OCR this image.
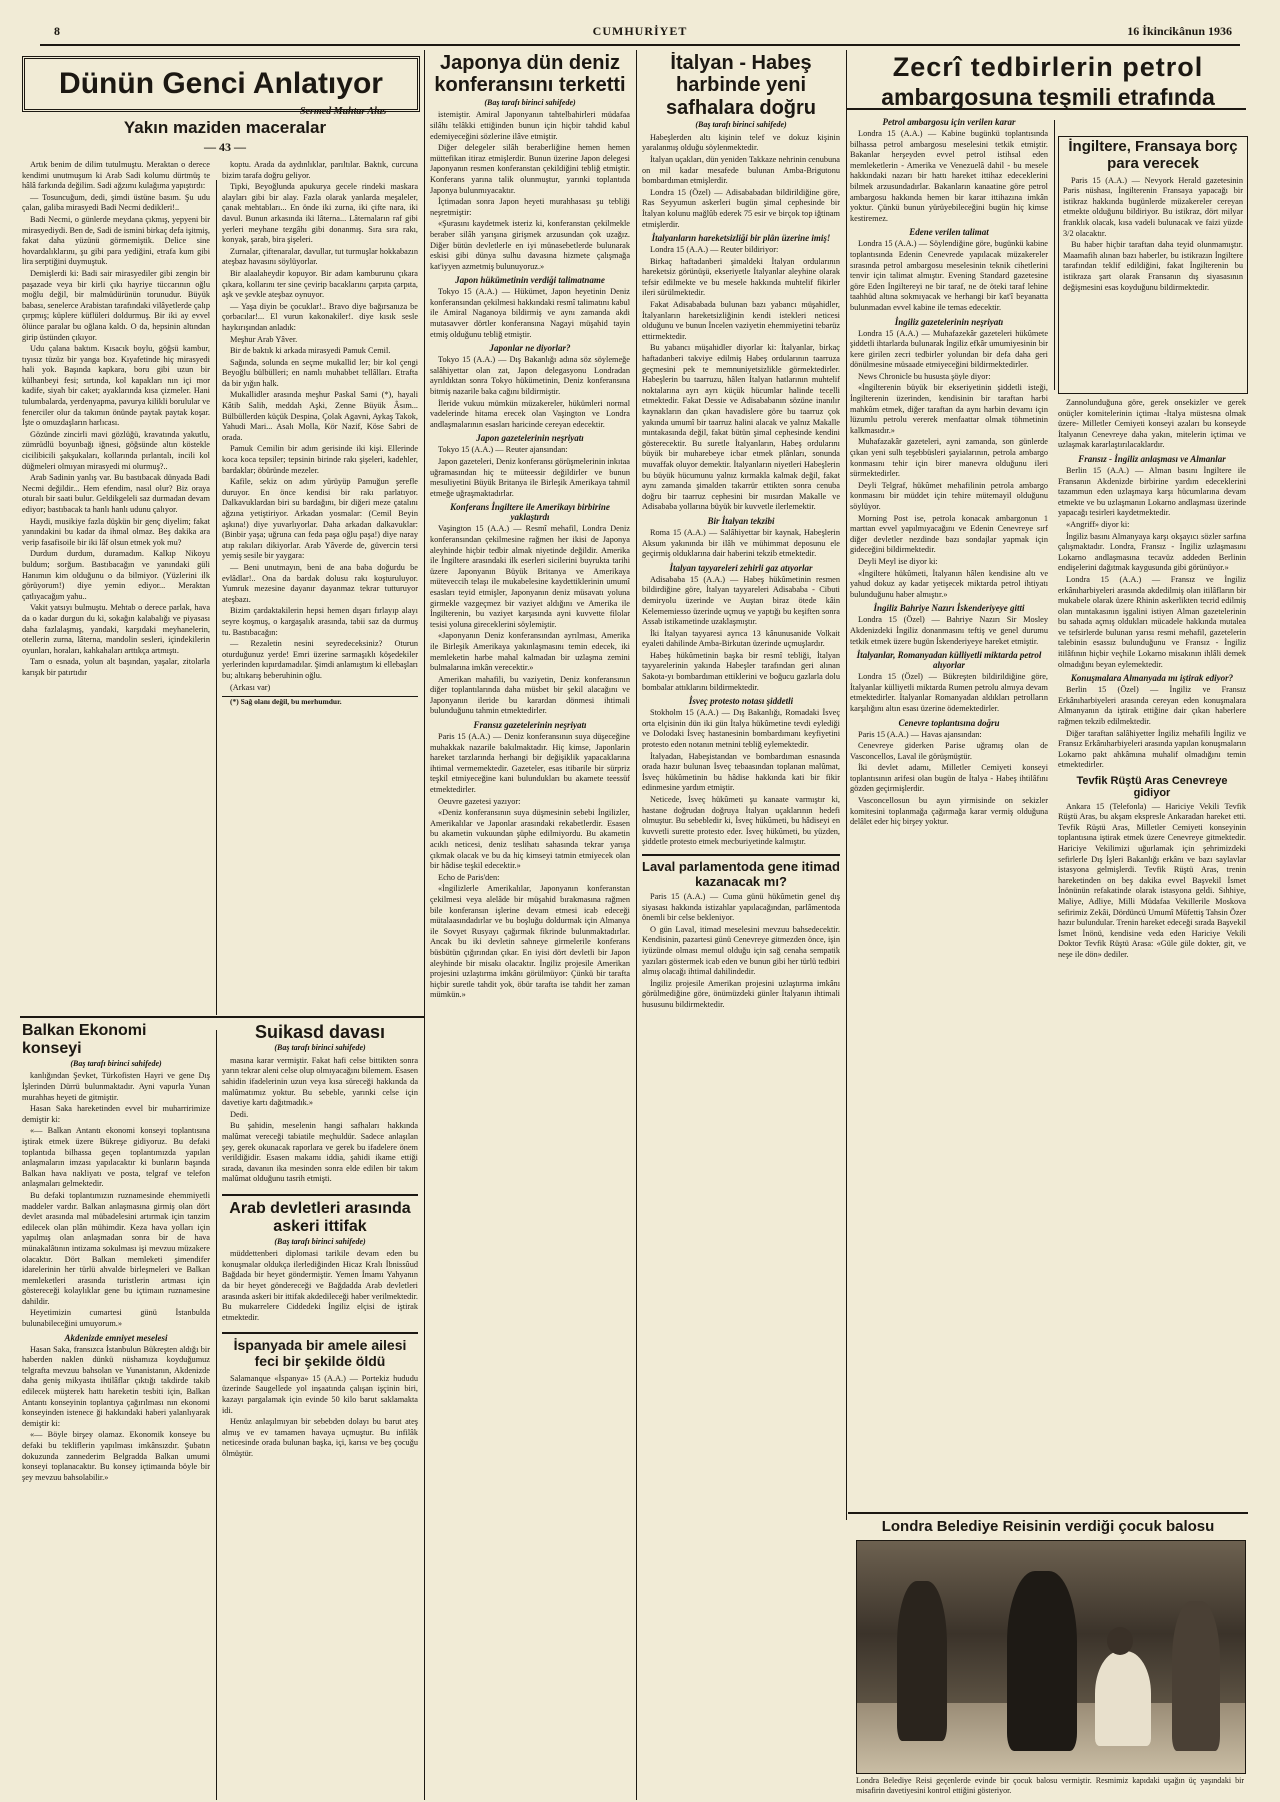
8	CUMHURİYET	16 İkincikânun 1936
Dünün Genci Anlatıyor
Sermed Muhtar Alus
Yakın maziden maceralar
— 43 —

Artık benim de dilim tutulmuştu. Meraktan o derece kendimi unutmuşum ki Arab Sadi kolumu dürtmüş te hâlâ farkında değilim. Sadi ağzımı kulağıma yapıştırdı:

— Tosuncuğum, dedi, şimdi üstüne basım. Şu udu çalan, galiba mirasyedi Badi Necmi dedikleri!..

Badi Necmi, o günlerde meydana çıkmış, yepyeni bir mirasyediydi. Ben de, Sadi de ismini birkaç defa işitmiş, fakat daha yüzünü görmemiştik. Delice sine hovardalıklarını, şu gibi para yediğini, etrafa kum gibi lira serptiğini duymuştuk.

Demişlerdi ki: Badi sair mirasyediler gibi zengin bir paşazade veya bir kirli çıkı hayriye tüccarının oğlu moğlu değil, bir malmüdürünün torunudur. Büyük babası, senelerce Arabistan tarafındaki vilâyetlerde çalıp çırpmış; küplere küflüleri doldurmuş. Bir iki ay evvel ölünce paralar bu oğlana kaldı. O da, hepsinin altından girip üstünden çıkıyor.

Udu çalana baktım. Kısacık boylu, göğsü kambur, tıyısız tüzüz bir yanga boz. Kıyafetinde hiç mirasyedi hali yok. Başında kapkara, boru gibi uzun bir külhanbeyi fesi; sırtında, kol kapakları nın içi mor kadife, siyah bir caket; ayaklarında kısa çizmeler. Hani tulumbalarda, yerdenyapma, pavurya kilikli borulular ve fenerciler olur da takımın önünde paytak paytak koşar. İşte o omuzdaşların harlıcası.

Gözünde zincirli mavi gözlüğü, kravatında yakutlu, zümrüdlü boyunbağı iğnesi, göğsünde altın köstekle cicilibicili şakşukaları, kollarında pırlantalı, incili kol düğmeleri olmıyan mirasyedi mi olurmuş?..

Arab Sadinin yanlış var. Bu bastıbacak dünyada Badi Necmi değildir... Hem efendim, nasıl olur? Biz oraya oturalı bir saati bulur. Geldikgeleli saz durmadan devam ediyor; bastıbacak ta hanlı hanlı udunu çalıyor.

Haydi, musikiye fazla düşkün bir genç diyelim; fakat yanındakini bu kadar da ihmal olmaz. Beş dakika ara verip fasafisoile bir iki lâf olsun etmek yok mu?

Durdum durdum, duramadım. Kalkıp Nikoyu buldum; sorğum. Bastıbacağın ve yanındaki güli Hanımın kim olduğunu o da bilmiyor. (Yüzlerini ilk görüyorum!) diye yemin ediyor... Meraktan çatlıyacağım yahu..

Vakit yatsıyı bulmuştu. Mehtab o derece parlak, hava da o kadar durgun du ki, sokağın kalabalığı ve piyasası daha fazlalaşmış, yandaki, karşıdaki meyhanelerin, otellerin zurna, lâterna, mandolin sesleri, içindekilerin oyunları, horaları, kahkahaları arttıkça artmıştı.

Tam o esnada, yolun alt başından, yaşalar, zitolarla karışık bir patırtıdır

koptu. Arada da aydınlıklar, parıltılar. Baktık, curcuna bizim tarafa doğru geliyor.

Tipki, Beyoğlunda apukurya gecele rindeki maskara alayları gibi bir alay. Fazla olarak yanlarda meşaleler, çanak mehtabları... En önde iki zurna, iki çifte nara, iki davul. Bunun arkasında iki lâterna... Lâternaların raf gibi yerleri meyhane tezgâhı gibi donanmış. Sıra sıra rakı, konyak, şarab, bira şişeleri.

Zurnalar, çiftenaralar, davullar, tut turmuşlar hokkabazın ateşbaz havasını söylüyorlar.

Bir alaalaheydir kopuyor. Bir adam kamburunu çıkara çıkara, kollarını ter sine çevirip bacaklarını çarpıta çarpıta, aşk ve şevkle ateşbaz oynuyor.

— Yaşa diyin be çocuklar!.. Bravo diye bağırsanıza be çorbacılar!... El vurun kakonakiler!. diye kısık sesle haykırışından anladık:

Meşhur Arab Yâver.

Bir de baktık ki arkada mirasyedi Pamuk Cemil.

Sağında, solunda en seçme mukallid ler; bir kol çengi Beyoğlu bülbülleri; en namlı muhabbet tellâlları. Etrafta da bir yığın halk.

Mukallidler arasında meşhur Paskal Sami (*), hayali Kâtib Salih, meddah Aşki, Zenne Büyük Âsım... Bülbüllerden küçük Despina, Çolak Agavni, Aykaş Takok, Yahudi Mari... Asalı Molla, Kör Nazif, Köse Sabri de orada.

Pamuk Cemilin bir adım gerisinde iki kişi. Ellerinde koca koca tepsiler; tepsinin birinde rakı şişeleri, kadehler, bardaklar; öbüründe mezeler.

Kafile, sekiz on adım yürüyüp Pamuğun şerefle duruyor. En önce kendisi bir rakı parlatıyor. Dalkavuklardan biri su bardağını, bir diğeri meze çatalını ağzına yetiştiriyor. Arkadan yosmalar: (Cemil Beyin aşkına!) diye yuvarlıyorlar. Daha arkadan dalkavuklar: (Binbir yaşa; uğruna can feda paşa oğlu paşa!) diye naray atıp rakıları dikiyorlar. Arab Yâverde de, güvercin tersi yemiş sesile bir yaygara:

— Beni unutmayın, beni de ana baba doğurdu be evlâdlar!.. Ona da bardak dolusu rakı koşturuluyor. Yumruk mezesine dayanır dayanmaz tekrar tutturuyor ateşbazı.

Bizim çardaktakilerin hepsi hemen dışarı fırlayıp alayı seyre koşmuş, o kargaşalık arasında, tabii saz da durmuş tu. Bastıbacağın:

— Rezaletin nesini seyredeceksiniz? Oturun oturduğunuz yerde! Emri üzerine sarmaşıklı köşedekiler yerlerinden kıpırdamadılar. Şimdi anlamıştım ki ellebaşları bu; altıkarış beberuhinin oğlu.

(Arkası var)

(*) Sağ olanı değil, bu merhumdur.

Balkan Ekonomi konseyi
(Baş tarafı birinci sahifede)

kanlığından Şevket, Türkofisten Hayri ve gene Dış İşlerinden Dürrü bulunmaktadır. Ayni vapurla Yunan murahhas heyeti de gitmiştir.

Hasan Saka hareketinden evvel bir muharririmize demiştir ki:

«— Balkan Antantı ekonomi konseyi toplantısına iştirak etmek üzere Bükreşe gidiyoruz. Bu defaki toplantıda bilhassa geçen toplantımızda yapılan anlaşmaların imzası yapılacaktır ki bunların başında Balkan hava nakliyatı ve posta, telgraf ve telefon anlaşmaları gelmektedir.

Bu defaki toplantımızın ruznamesinde ehemmiyetli maddeler vardır. Balkan anlaşmasına girmiş olan dört devlet arasında mal mübadelesini artırmak için tanzim edilecek olan plân mühimdir. Keza hava yolları için yapılmış olan anlaşmadan sonra bir de hava münakalâtının intizama sokulması işi mevzuu müzakere olacaktır. Dört Balkan memleketi şimendifer idarelerinin her türlü ahvalde birleşmeleri ve Balkan memleketleri arasında turistlerin artması için göstereceği kolaylıklar gene bu içtimaın ruznamesine dahildir.

Heyetimizin cumartesi günü İstanbulda bulunabileceğini umuyorum.»

Akdenizde emniyet meselesi

Hasan Saka, fransızca İstanbulun Bükreşten aldığı bir haberden naklen dünkü nüshamıza koyduğumuz telgrafta mevzuu bahsolan ve Yunanistanın, Akdenizde daha geniş mikyasta ihtilâflar çıktığı takdirde takib edilecek müşterek hattı hareketin tesbiti için, Balkan Antantı konseyinin toplantıya çağırılması nın ekonomi konseyinden istenece ği hakkındaki haberi yalanlıyarak demiştir ki:

«— Böyle birşey olamaz. Ekonomik konseye bu defaki bu tekliflerin yapılması imkânsızdır. Şubatın dokuzunda zannederim Belgradda Balkan umumi konseyi toplanacaktır. Bu konsey içtimaında böyle bir şey mevzuu bahsolabilir.»

Suikasd davası
(Baş tarafı birinci sahifede)

masına karar vermiştir. Fakat hafi celse bittikten sonra yarın tekrar aleni celse olup olmıyacağını bilemem. Esasen sahidin ifadelerinin uzun veya kısa süreceği hakkında da malûmatımız yoktur. Bu sebeble, yarınki celse için davetiye kartı dağıtmadık.»

Dedi.

Bu şahidin, meselenin hangi safhaları hakkında malûmat vereceği tabiatile meçhuldür. Sadece anlaşılan şey, gerek okunacak raporlara ve gerek bu ifadelere önem verildiğidir. Esasen makamı iddia, şahidi ikame ettiği sırada, davanın ika mesinden sonra elde edilen bir takım malûmat olduğunu tasrih etmişti.

Arab devletleri arasında askeri ittifak
(Baş tarafı birinci sahifede)

müddettenberi diplomasi tarikile devam eden bu konuşmalar oldukça ilerlediğinden Hicaz Kralı İbnissûud Bağdada bir heyet göndermiştir. Yemen İmamı Yahyanın da bir heyet göndereceği ve Bağdadda Arab devletleri arasında askeri bir ittifak akdedileceği haber verilmektedir. Bu mukarrelere Ciddedeki İngiliz elçisi de iştirak etmektedir.

İspanyada bir amele ailesi feci bir şekilde öldü

Salamanque «İspanya» 15 (A.A.) — Portekiz hududu üzerinde Saugellede yol inşaatında çalışan işçinin biri, kazayı pargalamak için evinde 50 kilo barut saklamakta idi.

Henüz anlaşılmıyan bir sebebden dolayı bu barut ateş almış ve ev tamamen havaya uçmuştur. Bu infilâk neticesinde orada bulunan başka, içi, karısı ve beş çocuğu ölmüştür.

Japonya dün deniz konferansını terketti
(Baş tarafı birinci sahifede)

istemiştir. Amiral Japonyanın tahtelbahirleri müdafaa silâhı telâkki ettiğinden bunun için hiçbir tahdid kabul edemiyeceğini sözlerine ilâve etmiştir.

Diğer delegeler silâh beraberliğine hemen hemen müttefikan itiraz etmişlerdir. Bunun üzerine Japon delegesi Japonyanın resmen konferanstan çekildiğini tebliğ etmiştir. Konferans yarına talik olunmuştur, yarınki toplantıda Japonya bulunmıyacaktır.

İçtimadan sonra Japon heyeti murahhasası şu tebliği neşretmiştir:

«Şurasını kaydetmek isteriz ki, konferanstan çekilmekle beraber silâh yarışına girişmek arzusundan çok uzağız. Diğer bütün devletlerle en iyi münasebetlerde bulunarak eskisi gibi dünya sulhu davasına hizmete çalışmağa kat'iyyen azmetmiş bulunuyoruz.»

Japon hükümetinin verdiği talimatname

Tokyo 15 (A.A.) — Hükümet, Japon heyetinin Deniz konferansından çekilmesi hakkındaki resmî talimatını kabul ile Amiral Naganoya bildirmiş ve aynı zamanda akdi mutasavver dörtler konferansına Nagayi müşahid tayin etmiş olduğunu tebliğ etmiştir.

Japonlar ne diyorlar?

Tokyo 15 (A.A.) — Dış Bakanlığı adına söz söylemeğe salâhiyettar olan zat, Japon delegasyonu Londradan ayrıldıktan sonra Tokyo hükümetinin, Deniz konferansına bitmiş nazarile baka cağını bildirmiştir.

İleride vukuu mümkün müzakereler, hükümleri normal vadelerinde hitama erecek olan Vaşington ve Londra andlaşmalarının esasları haricinde cereyan edecektir.

Japon gazetelerinin neşriyatı

Tokyo 15 (A.A.) — Reuter ajansından:

Japon gazeteleri, Deniz konferansı görüşmelerinin inkıtaa uğramasından hiç te müteessir değildirler ve bunun mesuliyetini Büyük Britanya ile Birleşik Amerikaya tahmil etmeğe uğraşmaktadırlar.

Konferans İngiltere ile Amerikayı birbirine yaklaştırdı

Vaşington 15 (A.A.) — Resmî mehafil, Londra Deniz konferansından çekilmesine rağmen her ikisi de Japonya aleyhinde hiçbir tedbir almak niyetinde değildir. Amerika ile İngiltere arasındaki ilk eserleri sicilerini buyrukta tarihi üzere Japonyanın Büyük Britanya ve Amerikaya müteveccih telaşı ile mukabelesine kaydettiklerinin umumî esasları teyid etmişler, Japonyanın deniz müsavatı yoluna girmekle vazgeçmez bir vaziyet aldığını ve Amerika ile İngilterenin, bu vaziyet karşısında ayni kuvvette filolar tesisi yoluna gireceklerini söylemiştir.

«Japonyanın Deniz konferansından ayrılması, Amerika ile Birleşik Amerikaya yakınlaşmasını temin edecek, iki memleketin harbe mahal kalmadan bir uzlaşma zemini bulmalarına imkân verecektir.»

Amerikan mahafili, bu vaziyetin, Deniz konferansının diğer toplantılarında daha müsbet bir şekil alacağını ve Japonyanın ileride bu karardan dönmesi ihtimali bulunduğunu tahmin etmektedirler.

Fransız gazetelerinin neşriyatı

Paris 15 (A.A.) — Deniz konferansının suya düşeceğine muhakkak nazarile bakılmaktadır. Hiç kimse, Japonlarin hareket tarzlarında herhangi bir değişiklik yapacaklarına ihtimal vermemektedir. Gazeteler, esas itibarile bir sürpriz teşkil etmiyeceğine kani bulundukları bu akamete teessüf etmektedirler.

Oeuvre gazetesi yazıyor:

«Deniz konferansının suya düşmesinin sebebi İngilizler, Amerikalılar ve Japonlar arasındaki rekabetlerdir. Esasen bu akametin vukuundan şüphe edilmiyordu. Bu akametin acıklı neticesi, deniz teslihatı sahasında tekrar yarışa çıkmak olacak ve bu da hiç kimseyi tatmin etmiyecek olan bir hâdise teşkil edecektir.»

Echo de Paris'den:

«İngilizlerle Amerikalılar, Japonyanın konferanstan çekilmesi veya alelâde bir müşahid bırakmasına rağmen bile konferansın işlerine devam etmesi icab edeceği mütalaasındadırlar ve bu boşluğu doldurmak için Almanya ile Sovyet Rusyayı çağırmak fikrinde bulunmaktadırlar. Ancak bu iki devletin sahneye girmelerile konferans büsbütün çığırından çıkar. En iyisi dört devletli bir Japon aleyhinde bir misakı olacaktır. İngiliz projesile Amerikan projesini uzlaştırma imkânı görülmüyor: Çünkü bir tarafta hiçbir suretle tahdit yok, öbür tarafta ise tahdit her zaman mümkün.»

İtalyan - Habeş harbinde yeni safhalara doğru
(Baş tarafı birinci sahifede)

Habeşlerden altı kişinin telef ve dokuz kişinin yaralanmış olduğu söylenmektedir.

İtalyan uçakları, dün yeniden Takkaze nehrinin cenubuna on mil kadar mesafede bulunan Amba-Brigutonu bombardıman etmişlerdir.

Londra 15 (Özel) — Adisababadan bildirildiğine göre, Ras Seyyumun askerleri bugün şimal cephesinde bir İtalyan kolunu mağlûb ederek 75 esir ve birçok top iğtinam etmişlerdir.

İtalyanların hareketsizliği bir plân üzerine imiş!

Londra 15 (A.A.) — Reuter bildiriyor:

Birkaç haftadanberi şimaldeki İtalyan ordularının hareketsiz görünüşü, ekseriyetle İtalyanlar aleyhine olarak tefsir edilmekte ve bu mesele hakkında muhtelif fikirler ileri sürülmektedir.

Fakat Adisababada bulunan bazı yabancı müşahidler, İtalyanların hareketsizliğinin kendi istekleri neticesi olduğunu ve bunun İncelen vaziyetin ehemmiyetini tebarüz ettirmektedir.

Bu yabancı müşahidler diyorlar ki: İtalyanlar, birkaç haftadanberi takviye edilmiş Habeş ordularının taarruza geçmesini pek te memnuniyetsizlikle görmektedirler. Habeşlerin bu taarruzu, hâlen İtalyan hatlarının muhtelif noktalarına ayrı ayrı küçük hücumlar halinde tecelli etmektedir. Fakat Dessie ve Adisababanın sözüne inanılır kaynakların dan çıkan havadislere göre bu taarruz çok yakında umumî bir taarruz halini alacak ve yalnız Makalle mıntakasında değil, fakat bütün şimal cephesinde kendini gösterecektir. Bu suretle İtalyanların, Habeş ordularını büyük bir muharebeye icbar etmek plânları, sonunda muvaffak oluyor demektir. İtalyanların niyetleri Habeşlerin bu büyük hücumunu yalnız kırmakla kalmak değil, fakat aynı zamanda şimalden takarrür ettikten sonra cenuba doğru bir taarruz cephesini bir mısırdan Makalle ve Adisababa yollarına büyük bir kuvvetle ilerlemektir.

Bir İtalyan tekzibi

Roma 15 (A.A.) — Salâhiyettar bir kaynak, Habeşlerin Aksum yakınında bir ilâh ve mühimmat deposunu ele geçirmiş olduklarına dair haberini tekzib etmektedir.

İtalyan tayyareleri zehirli gaz atıyorlar

Adisababa 15 (A.A.) — Habeş hükûmetinin resmen bildirdiğine göre, İtalyan tayyareleri Adisababa - Cibuti demiryolu üzerinde ve Auştan biraz ötede kâin Kelememiesso üzerinde uçmuş ve yaptığı bu keşiften sonra Assab istikametinde uzaklaşmıştır.

İki İtalyan tayyaresi ayrıca 13 kânunusanide Volkait eyaleti dahilinde Amba-Birkutan üzerinde uçmuşlardır.

Habeş hükûmetinin başka bir resmî tebliği, İtalyan tayyarelerinin yakında Habeşler tarafından geri alınan Sakota-yı bombardıman ettiklerini ve boğucu gazlarla dolu bombalar attıklarını bildirmektedir.

İsveç protesto notası şiddetli

Stokholm 15 (A.A.) — Dış Bakanlığı, Romadaki İsveç orta elçisinin dün iki gün İtalya hükûmetine tevdi eylediği ve Dolodaki İsveç hastanesinin bombardımanı keyfiyetini protesto eden notanın metnini tebliğ eylemektedir.

İtalyadan, Habeşistandan ve bombardıman esnasında orada hazır bulunan İsveç tebaasından toplanan malûmat, İsveç hükûmetinin bu hâdise hakkında kati bir fikir edinmesine yardım etmiştir.

Neticede, İsveç hükûmeti şu kanaate varmıştır ki, hastane doğrudan doğruya İtalyan uçaklarının hedefi olmuştur. Bu sebebledir ki, İsveç hükûmeti, bu hâdiseyi en kuvvetli surette protesto eder. İsveç hükûmeti, bu yüzden, şiddetle protesto etmek mecburiyetinde kalmıştır.

Laval parlamentoda gene itimad kazanacak mı?

Paris 15 (A.A.) — Cuma günü hükûmetin genel dış siyasası hakkında istizahlar yapılacağından, parlâmentoda önemli bir celse bekleniyor.

O gün Laval, itimad meselesini mevzuu bahsedecektir. Kendisinin, pazartesi günü Cenevreye gitmezden önce, işin iyüzünde olması memul olduğu için sağ cenaha sempatik yazıları göstermek icab eden ve bunun gibi her türlü tedbiri almış olacağı ihtimal dahilindedir.

İngiliz projesile Amerikan projesini uzlaştırma imkânı görülmediğine göre, önümüzdeki günler İtalyanın ihtimali hususunu bildirmektedir.

Zecrî tedbirlerin petrol
ambargosuna teşmili etrafında
Petrol ambargosu için verilen karar

Londra 15 (A.A.) — Kabine bugünkü toplantısında bilhassa petrol ambargosu meselesini tetkik etmiştir. Bakanlar herşeyden evvel petrol istihsal eden memleketlerin - Amerika ve Venezuelâ dahil - bu mesele hakkındaki nazarı bir hattı hareket ittihaz edeceklerini bilmek arzusundadırlar. Bakanların kanaatine göre petrol ambargosu hakkında hemen bir karar ittihazına imkân yoktur. Çünkü bunun yürüyebileceğini bugün hiç kimse kestiremez.

Edene verilen talimat

Londra 15 (A.A.) — Söylendiğine göre, bugünkü kabine toplantısında Edenin Cenevrede yapılacak müzakereler sırasında petrol ambargosu meselesinin teknik cihetlerini tenvir için talimat almıştır. Evening Standard gazetesine göre Eden İngiltereyi ne bir taraf, ne de öteki taraf lehine taahhüd altına sokmıyacak ve herhangi bir kat'î beyanatta bulunmadan evvel kabine ile temas edecektir.

İngiliz gazetelerinin neşriyatı

Londra 15 (A.A.) — Muhafazekâr gazeteleri hükûmete şiddetli ihtarlarda bulunarak İngiliz efkâr umumiyesinin bir kere girilen zecri tedbirler yolundan bir defa daha geri dönülmesine müsaade etmiyeceğini bildirmektedirler.

News Chronicle bu hususta şöyle diyor:

«İngilterenin büyük bir ekseriyetinin şiddetli isteği, İngilterenin üzerinden, kendisinin bir taraftan harbi mahkûm etmek, diğer taraftan da aynı harbin devamı için lüzumlu petrolu vererek menfaattar olmak töhmetinin kalkmasıdır.»

Muhafazakâr gazeteleri, ayni zamanda, son günlerde çıkan yeni sulh teşebbüsleri şayialarının, petrola ambargo konmasını tehir için birer manevra olduğunu ileri sürmektedirler.

Deyli Telgraf, hükûmet mehafilinin petrola ambargo konmasını bir müddet için tehire mütemayil olduğunu söylüyor.

Morning Post ise, petrola konacak ambargonun 1 marttan evvel yapılmıyacağını ve Edenin Cenevreye sırf diğer devletler nezdinde bazı sondajlar yapmak için gideceğini bildirmektedir.

Deyli Meyl ise diyor ki:

«İngiltere hükûmeti, İtalyanın hâlen kendisine altı ve yahud dokuz ay kadar yetişecek miktarda petrol ihtiyatı bulunduğunu haber almıştır.»

İngiliz Bahriye Nazırı İskenderiyeye gitti

Londra 15 (Özel) — Bahriye Nazırı Sir Mosley Akdenizdeki İngiliz donanmasını teftiş ve genel durumu tetkik etmek üzere bugün İskenderiyeye hareket etmiştir.

İtalyanlar, Romanyadan külliyetli miktarda petrol alıyorlar

Londra 15 (Özel) — Bükreşten bildirildiğine göre, İtalyanlar külliyetli miktarda Rumen petrolu almıya devam etmektedirler. İtalyanlar Romanyadan aldıkları petrolların karşılığını altın esası üzerine ödemektedirler.

Cenevre toplantısına doğru

Paris 15 (A.A.) — Havas ajansından:

Cenevreye giderken Parise uğramış olan de Vasconcellos, Laval ile görüşmüştür.

İki devlet adamı, Milletler Cemiyeti konseyi toplantısının arifesi olan bugün de İtalya - Habeş ihtilâfını gözden geçirmişlerdir.

Vasconcellosun bu ayın yirmisinde on sekizler komitesini toplanmağa çağırmağa karar vermiş olduğuna delâlet eder hiç birşey yoktur.

İngiltere, Fransaya borç para verecek

Paris 15 (A.A.) — Nevyork Herald gazetesinin Paris nüshası, İngilterenin Fransaya yapacağı bir istikraz hakkında bugünlerde müzakereler cereyan etmekte olduğunu bildiriyor. Bu istikraz, dört milyar franklık olacak, kısa vadeli bulunacak ve faizi yüzde 3/2 olacaktır.

Bu haber hiçbir taraftan daha teyid olunmamıştır. Maamafih alınan bazı haberler, bu istikrazın İngiltere tarafından teklif edildiğini, fakat İngilterenin bu istikraza şart olarak Fransanın dış siyasasının değişmesini esas koyduğunu bildirmektedir.

Zannolunduğuna göre, gerek onsekizler ve gerek onüçler komitelerinin içtimaı -İtalya müstesna olmak üzere- Milletler Cemiyeti konseyi azaları bu konseyde İtalyanın Cenevreye daha yakın, mitelerin içtimaı ve uzlaşmak kararlaştırılacaklardır.

Fransız - İngiliz anlaşması ve Almanlar

Berlin 15 (A.A.) — Alman basını İngiltere ile Fransanın Akdenizde birbirine yardım edeceklerini tazammun eden uzlaşmaya karşı hücumlarına devam etmekte ve bu uzlaşmanın Lokarno andlaşması üzerinde yapacağı tesirleri kaydetmektedir.

«Angriff» diyor ki:

İngiliz basını Almanyaya karşı okşayıcı sözler sarfına çalışmaktadır. Londra, Fransız - İngiliz uzlaşmasını Lokarno andlaşmasına tecavüz addeden Berlinin endişelerini dağıtmak kaygusunda gibi görünüyor.»

Londra 15 (A.A.) — Fransız ve İngiliz erkânıharbiyeleri arasında akdedilmiş olan itilâfların bir mukabele olarak üzere Rhinin askerlikten tecrid edilmiş olan mıntakasının işgalini istiyen Alman gazetelerinin bu sahada açmış oldukları mücadele hakkında mutalea ve tefsirlerde bulunan yarısı resmi mehafil, gazetelerin talebinin esassız bulunduğunu ve Fransız - İngiliz itilâfının hiçbir veçhile Lokarno misakının ihlâli demek olmadığını beyan eylemektedir.

Konuşmalara Almanyada mı iştirak ediyor?

Berlin 15 (Özel) — İngiliz ve Fransız Erkânıharbiyeleri arasında cereyan eden konuşmalara Almanyanın da iştirak ettiğine dair çıkan haberlere rağmen tekzib edilmektedir.

Diğer taraftan salâhiyetter İngiliz mehafili İngiliz ve Fransız Erkânıharbiyeleri arasında yapılan konuşmaların Lokarno pakt ahkâmına muhalif olmadığını temin etmektedirler.

Tevfik Rüştü Aras Cenevreye gidiyor

Ankara 15 (Telefonla) — Hariciye Vekili Tevfik Rüştü Aras, bu akşam ekspresle Ankaradan hareket etti. Tevfik Rüştü Aras, Milletler Cemiyeti konseyinin toplantısına iştirak etmek üzere Cenevreye gitmektedir. Hariciye Vekilimizi uğurlamak için şehrimizdeki sefirlerle Dış İşleri Bakanlığı erkânı ve bazı saylavlar istasyona gelmişlerdi. Tevfik Rüştü Aras, trenin hareketinden on beş dakika evvel Başvekil İsmet İnönünün refakatinde olarak istasyona geldi. Sıhhiye, Maliye, Adliye, Milli Müdafaa Vekillerile Moskova sefirimiz Zekâi, Dördüncü Umumî Müfettiş Tahsin Özer hazır bulundular. Trenin hareket edeceği sırada Başvekil İsmet İnönü, kendisine veda eden Hariciye Vekili Doktor Tevfik Rüştü Arasa: «Güle güle dokter, git, ve neşe ile dön» dediler.

Londra Belediye Reisinin verdiği çocuk balosu
Londra Belediye Reisi geçenlerde evinde bir çocuk balosu vermiştir. Resmimiz kapıdaki uşağın üç yaşındaki bir misafirin davetiyesini kontrol ettiğini gösteriyor.
